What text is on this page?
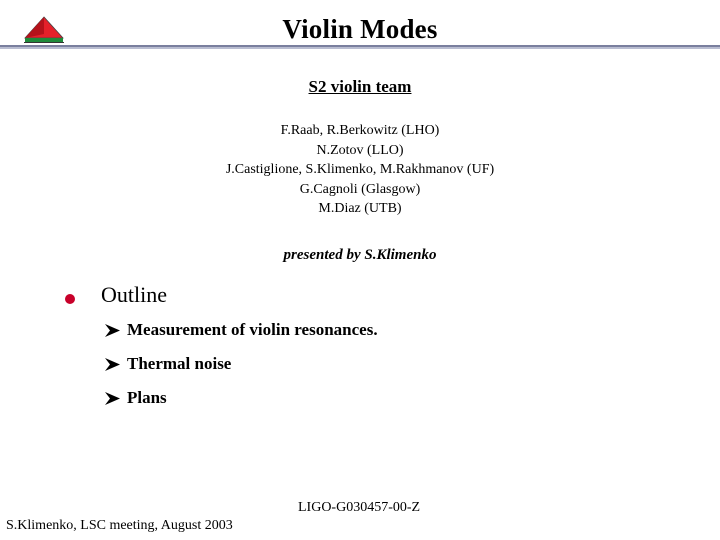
Violin Modes
S2 violin team
F.Raab, R.Berkowitz (LHO)
N.Zotov (LLO)
J.Castiglione, S.Klimenko, M.Rakhmanov (UF)
G.Cagnoli (Glasgow)
M.Diaz (UTB)
presented by S.Klimenko
Outline
Measurement of violin resonances.
Thermal noise
Plans
LIGO-G030457-00-Z
S.Klimenko, LSC meeting, August 2003
